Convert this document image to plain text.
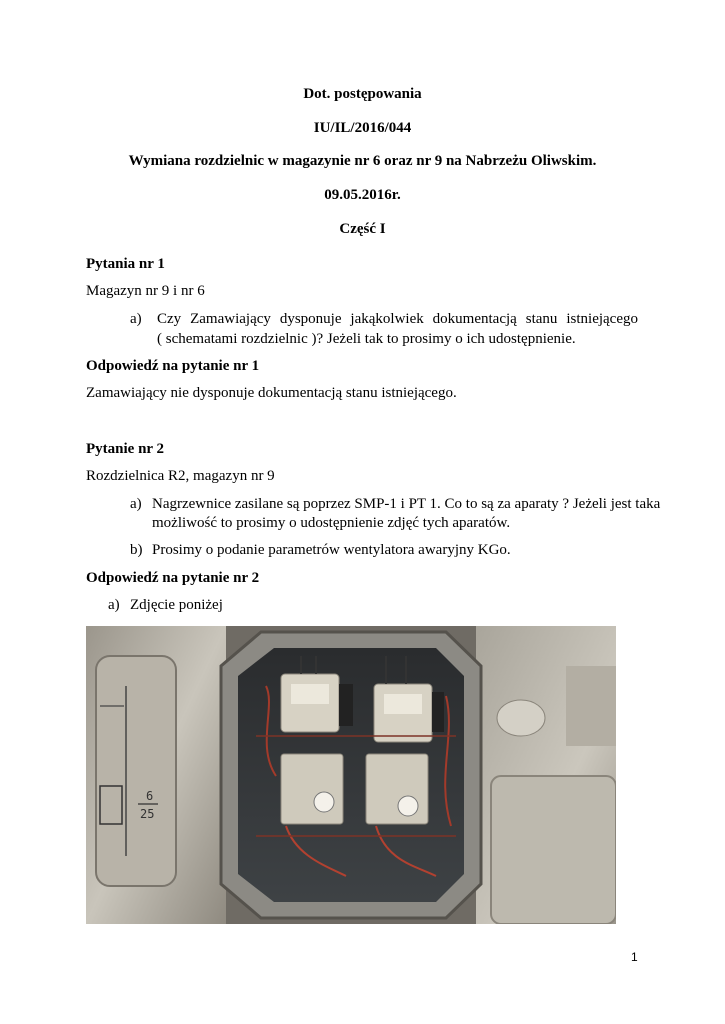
Dot. postępowania
IU/IL/2016/044
Wymiana rozdzielnic w magazynie nr 6 oraz nr 9 na Nabrzeżu Oliwskim.
09.05.2016r.
Część I
Pytania nr 1
Magazyn nr 9 i nr 6
a) Czy Zamawiający dysponuje jakąkolwiek dokumentacją stanu istniejącego
( schematami rozdzielnic )? Jeżeli tak to prosimy o ich udostępnienie.
Odpowiedź na pytanie nr 1
Zamawiający nie dysponuje dokumentacją stanu istniejącego.
Pytanie nr 2
Rozdzielnica R2, magazyn nr 9
a) Nagrzewnice zasilane są poprzez SMP-1 i PT 1. Co to są za aparaty ? Jeżeli jest taka
możliwość to prosimy o udostępnienie zdjęć tych aparatów.
b) Prosimy o podanie parametrów wentylatora awaryjny KGo.
Odpowiedź na pytanie nr 2
a) Zdjęcie poniżej
6
25
1
